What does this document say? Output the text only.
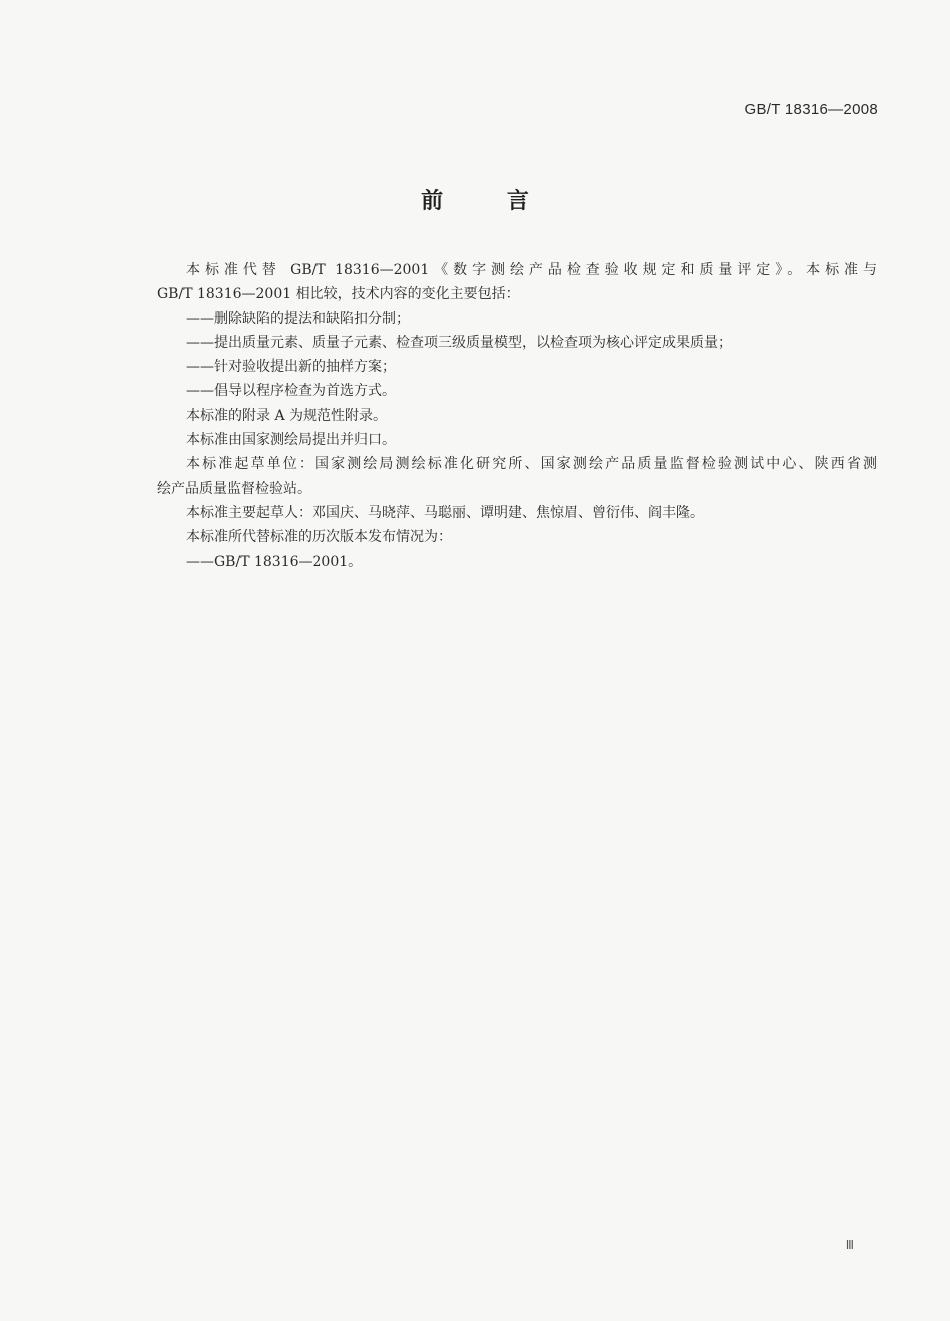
GB/T 18316—2008
前 言

本标准代替 GB/T 18316—2001《数字测绘产品检查验收规定和质量评定》。本标准与

GB/T 18316—2001 相比较，技术内容的变化主要包括：

——删除缺陷的提法和缺陷扣分制；

——提出质量元素、质量子元素、检查项三级质量模型，以检查项为核心评定成果质量；

——针对验收提出新的抽样方案；

——倡导以程序检查为首选方式。

本标准的附录 A 为规范性附录。

本标准由国家测绘局提出并归口。

本标准起草单位：国家测绘局测绘标准化研究所、国家测绘产品质量监督检验测试中心、陕西省测

绘产品质量监督检验站。

本标准主要起草人：邓国庆、马晓萍、马聪丽、谭明建、焦惊眉、曾衍伟、阎丰隆。

本标准所代替标准的历次版本发布情况为：

——GB/T 18316—2001。

Ⅲ
